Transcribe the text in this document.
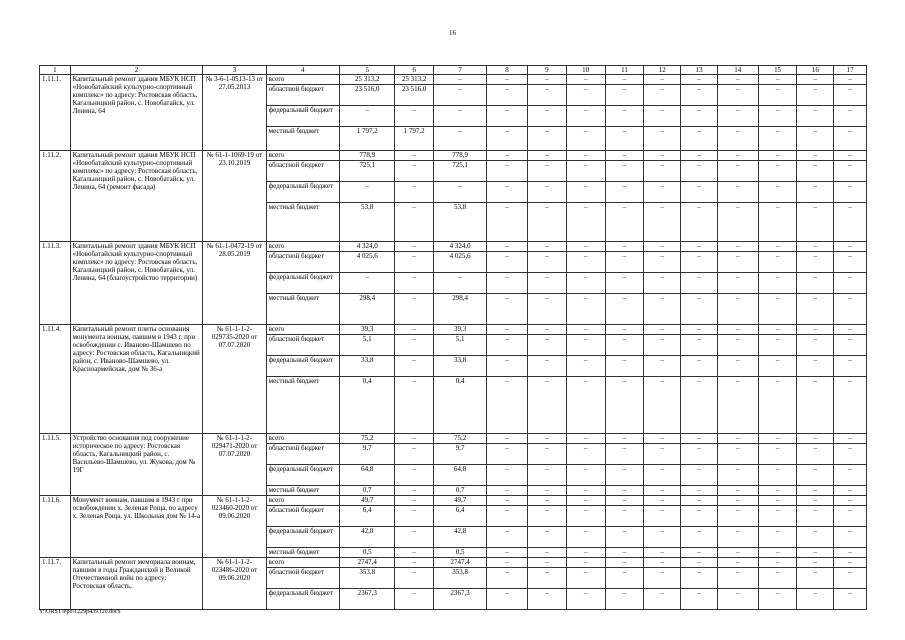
16
1	2	3	4	5	6	7	8	9	10	11	12	13	14	15	16	17
1.11.1.	Капитальный ремонт здания МБУК НСП «Новобатайский культурно-спортивный комплекс» по адресу: Ростовская область, Кагальницкий район, с. Новобатайск, ул. Ленина, 64	№ 3-6-1-0513-13 от 27.05.2013	всего	25 313,2	25 313,2	–	–	–	–	–	–	–	–	–	–	–
			областной бюджет	23 516,0	23 516,0	–	–	–	–	–	–	–	–	–	–	–
			федеральный бюджет	–	–	–	–	–	–	–	–	–	–	–	–	–
			местный бюджет	1 797,2	1 797,2	–	–	–	–	–	–	–	–	–	–	–
1.11.2.	Капитальный ремонт здания МБУК НСП «Новобатайский культурно-спортивный комплекс» по адресу: Ростовская область, Кагальницкий район, с. Новобатайск, ул. Ленина, 64 (ремонт фасада)	№ 61-1-1069-19 от 23.10.2019	всего	778,9	–	778,9	–	–	–	–	–	–	–	–	–	–
			областной бюджет	725,1	–	725,1	–	–	–	–	–	–	–	–	–	–
			федеральный бюджет	–	–	–	–	–	–	–	–	–	–	–	–	–
			местный бюджет	53,8	–	53,8	–	–	–	–	–	–	–	–	–	–
1.11.3.	Капитальный ремонт здания МБУК НСП «Новобатайский культурно-спортивный комплекс» по адресу: Ростовская область, Кагальницкий район, с. Новобатайск, ул. Ленина, 64 (благоустройство территории)	№ 61-1-0472-19 от 28.05.2019	всего	4 324,0	–	4 324,0	–	–	–	–	–	–	–	–	–	–
			областной бюджет	4 025,6	–	4 025,6	–	–	–	–	–	–	–	–	–	–
			федеральный бюджет	–	–	–	–	–	–	–	–	–	–	–	–	–
			местный бюджет	298,4	–	298,4	–	–	–	–	–	–	–	–	–	–
1.11.4.	Капитальный ремонт плиты основания монумента воинам, павшим в 1943 г. при освобождении с. Иваново-Шамшево по адресу: Ростовская область, Кагальницкий район, с. Иваново-Шамшево, ул. Красноармейская, дом № 36-а	№ 61-1-1-2-029735-2020 от 07.07.2020	всего	39,3	–	39,3	–	–	–	–	–	–	–	–	–	–
			областной бюджет	5,1	–	5,1	–	–	–	–	–	–	–	–	–	–
			федеральный бюджет	33,8	–	33,8	–	–	–	–	–	–	–	–	–	–
			местный бюджет	0,4	–	0,4	–	–	–	–	–	–	–	–	–	–
1.11.5.	Устройство основания под сооружение историческое по адресу: Ростовская область, Кагальницкий район, с. Васильево-Шамшево, ул. Жукова, дом № 19Г	№ 61-1-1-2-029471-2020 от 07.07.2020	всего	75,2	–	75,2	–	–	–	–	–	–	–	–	–	–
			областной бюджет	9,7	–	9,7	–	–	–	–	–	–	–	–	–	–
			федеральный бюджет	64,8	–	64,8	–	–	–	–	–	–	–	–	–	–
			местный бюджет	0,7	–	0,7	–	–	–	–	–	–	–	–	–	–
1.11.6.	Монумент воинам, павшим в 1943 г при освобождении х. Зеленая Роща, по адресу х. Зеленая Роща, ул. Школьная дом № 14-а	№ 61-1-1-2-023460-2020 от 09.06.2020	всего	49,7	–	49,7	–	–	–	–	–	–	–	–	–	–
			областной бюджет	6,4	–	6,4	–	–	–	–	–	–	–	–	–	–
			федеральный бюджет	42,8	–	42,8	–	–	–	–	–	–	–	–	–	–
			местный бюджет	0,5	–	0,5	–	–	–	–	–	–	–	–	–	–
1.11.7.	Капитальный ремонт мемориала воинам, павшим в годы Гражданской и Великой Отечественной войн по адресу: Ростовская область,	№ 61-1-1-2-023486-2020 от 09.06.2020	всего	2747,4	–	2747,4	–	–	–	–	–	–	–	–	–	–
			областной бюджет	353,8	–	353,8	–	–	–	–	–	–	–	–	–	–
			федеральный бюджет	2367,3	–	2367,3	–	–	–	–	–	–	–	–	–	–
Y:\ORST\Ppo\1229p439.f20.docx
